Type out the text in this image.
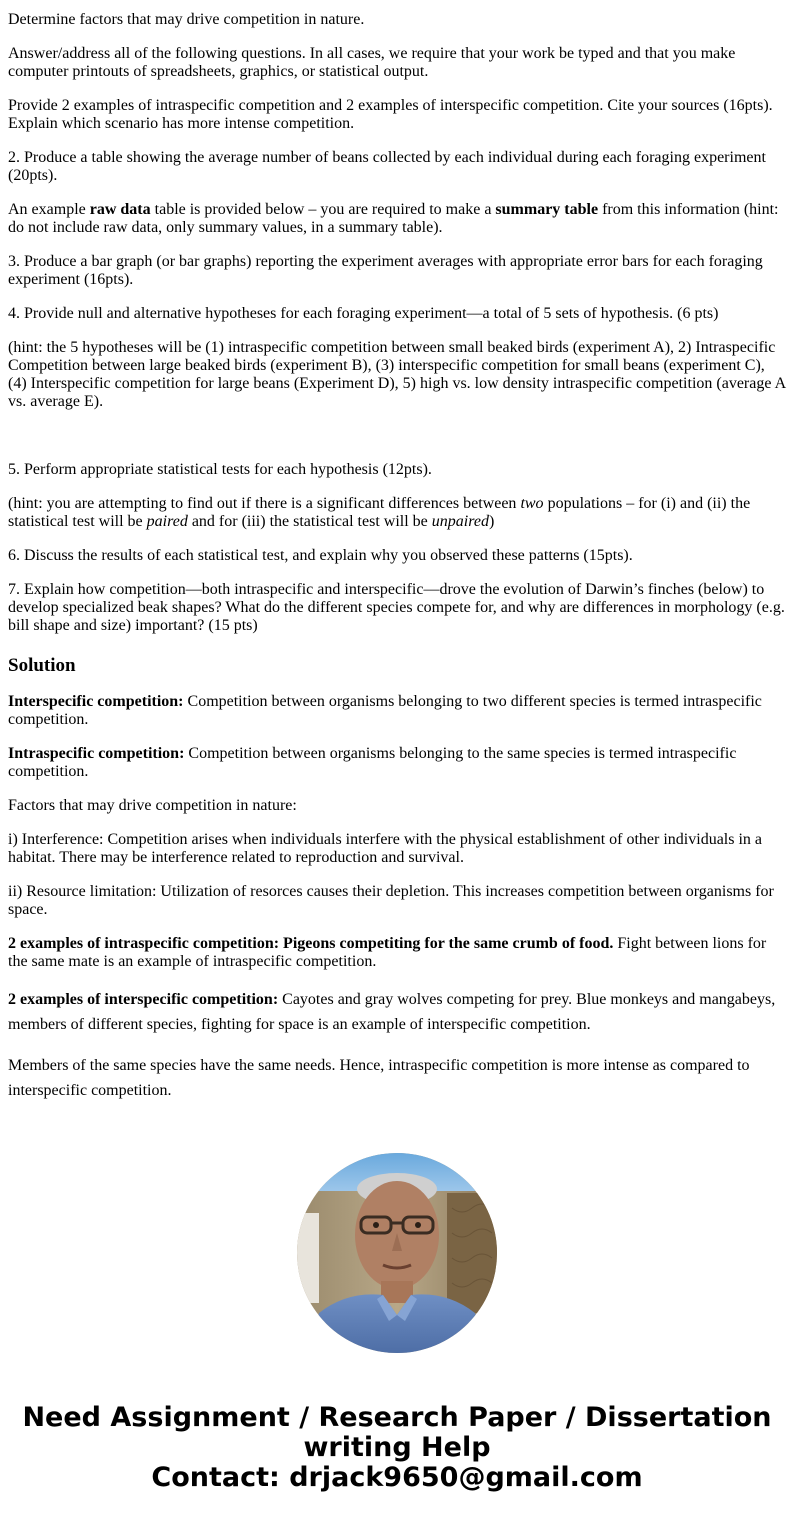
Determine factors that may drive competition in nature.

Answer/address all of the following questions. In all cases, we require that your work be typed and that you make computer printouts of spreadsheets, graphics, or statistical output.

Provide 2 examples of intraspecific competition and 2 examples of interspecific competition. Cite your sources (16pts). Explain which scenario has more intense competition.

2. Produce a table showing the average number of beans collected by each individual during each foraging experiment (20pts).

An example raw data table is provided below – you are required to make a summary table from this information (hint: do not include raw data, only summary values, in a summary table).

3. Produce a bar graph (or bar graphs) reporting the experiment averages with appropriate error bars for each foraging experiment (16pts).

4. Provide null and alternative hypotheses for each foraging experiment—a total of 5 sets of hypothesis. (6 pts)

(hint: the 5 hypotheses will be (1) intraspecific competition between small beaked birds (experiment A), 2) Intraspecific Competition between large beaked birds (experiment B), (3) interspecific competition for small beans (experiment C), (4) Interspecific competition for large beans (Experiment D), 5) high vs. low density intraspecific competition (average A vs. average E).

5. Perform appropriate statistical tests for each hypothesis (12pts).

(hint: you are attempting to find out if there is a significant differences between two populations – for (i) and (ii) the statistical test will be paired and for (iii) the statistical test will be unpaired)

6. Discuss the results of each statistical test, and explain why you observed these patterns (15pts).

7. Explain how competition—both intraspecific and interspecific—drove the evolution of Darwin’s finches (below) to develop specialized beak shapes? What do the different species compete for, and why are differences in morphology (e.g. bill shape and size) important? (15 pts)

Solution

Interspecific competition: Competition between organisms belonging to two different species is termed intraspecific competition.

Intraspecific competition: Competition between organisms belonging to the same species is termed intraspecific competition.

Factors that may drive competition in nature:

i) Interference: Competition arises when individuals interfere with the physical establishment of other individuals in a habitat. There may be interference related to reproduction and survival.

ii) Resource limitation: Utilization of resorces causes their depletion. This increases competition between organisms for space.

2 examples of intraspecific competition: Pigeons competiting for the same crumb of food. Fight between lions for the same mate is an example of intraspecific competition.

2 examples of interspecific competition: Cayotes and gray wolves competing for prey. Blue monkeys and mangabeys, members of different species, fighting for space is an example of interspecific competition.

Members of the same species have the same needs. Hence, intraspecific competition is more intense as compared to interspecific competition.

Need Assignment / Research Paper / Dissertation
writing Help
Contact: drjack9650@gmail.com
